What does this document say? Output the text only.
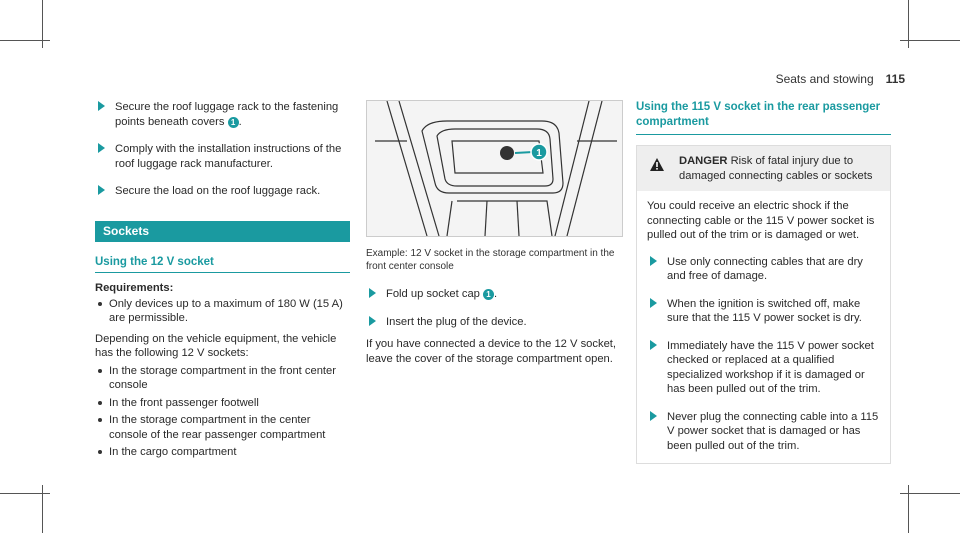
Seats and stowing 115
Secure the roof luggage rack to the fastening points beneath covers 1 .
Comply with the installation instructions of the roof luggage rack manufacturer.
Secure the load on the roof luggage rack.
Sockets
Using the 12 V socket
Requirements:
Only devices up to a maximum of 180 W (15 A) are permissible.
Depending on the vehicle equipment, the vehicle has the following 12 V sockets:
In the storage compartment in the front center console
In the front passenger footwell
In the storage compartment in the center console of the rear passenger compartment
In the cargo compartment
1
Example: 12 V socket in the storage compartment in the front center console
Fold up socket cap 1 .
Insert the plug of the device.
If you have connected a device to the 12 V socket, leave the cover of the storage compartment open.
Using the 115 V socket in the rear passenger compartment
DANGER Risk of fatal injury due to damaged connecting cables or sockets
You could receive an electric shock if the connecting cable or the 115 V power socket is pulled out of the trim or is damaged or wet.
Use only connecting cables that are dry and free of damage.
When the ignition is switched off, make sure that the 115 V power socket is dry.
Immediately have the 115 V power socket checked or replaced at a qualified specialized workshop if it is damaged or has been pulled out of the trim.
Never plug the connecting cable into a 115 V power socket that is damaged or has been pulled out of the trim.
